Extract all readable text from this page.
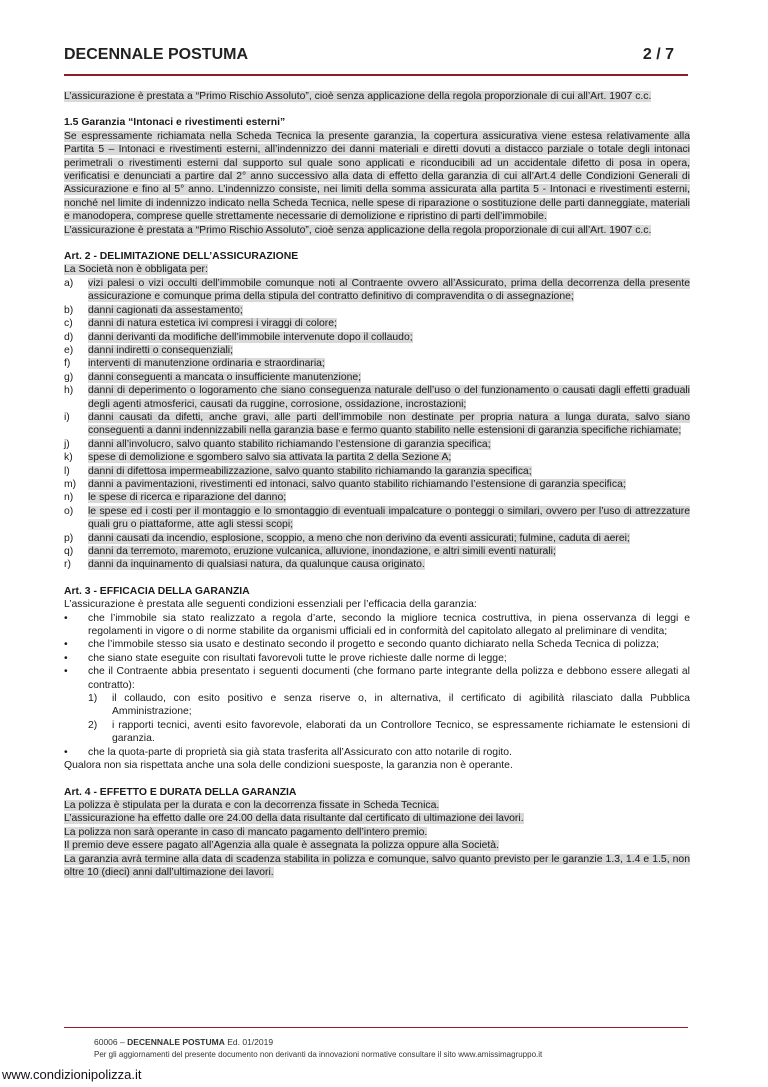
DECENNALE POSTUMA	2 / 7

L’assicurazione è prestata a “Primo Rischio Assoluto”, cioè senza applicazione della regola proporzionale di cui all’Art. 1907 c.c.

1.5 Garanzia “Intonaci e rivestimenti esterni”

Se espressamente richiamata nella Scheda Tecnica la presente garanzia, la copertura assicurativa viene estesa relativamente alla Partita 5 – Intonaci e rivestimenti esterni, all’indennizzo dei danni materiali e diretti dovuti a distacco parziale o totale degli intonaci perimetrali o rivestimenti esterni dal supporto sul quale sono applicati e riconducibili ad un accidentale difetto di posa in opera, verificatisi e denunciati a partire dal 2° anno successivo alla data di effetto della garanzia di cui all’Art.4 delle Condizioni Generali di Assicurazione e fino al 5° anno. L’indennizzo consiste, nei limiti della somma assicurata alla partita 5 - Intonaci e rivestimenti esterni, nonché nel limite di indennizzo indicato nella Scheda Tecnica, nelle spese di riparazione o sostituzione delle parti danneggiate, materiali e manodopera, comprese quelle strettamente necessarie di demolizione e ripristino di parti dell’immobile.

L’assicurazione è prestata a “Primo Rischio Assoluto”, cioè senza applicazione della regola proporzionale di cui all’Art. 1907 c.c.

Art. 2 - DELIMITAZIONE DELL’ASSICURAZIONE

La Società non è obbligata per:

a)	vizi palesi o vizi occulti dell’immobile comunque noti al Contraente ovvero all’Assicurato, prima della decorrenza della presente assicurazione e comunque prima della stipula del contratto definitivo di compravendita o di assegnazione;
b)	danni cagionati da assestamento;
c)	danni di natura estetica ivi compresi i viraggi di colore;
d)	danni derivanti da modifiche dell’immobile intervenute dopo il collaudo;
e)	danni indiretti o consequenziali;
f)	interventi di manutenzione ordinaria e straordinaria;
g)	danni conseguenti a mancata o insufficiente manutenzione;
h)	danni di deperimento o logoramento che siano conseguenza naturale dell’uso o del funzionamento o causati dagli effetti graduali degli agenti atmosferici, causati da ruggine, corrosione, ossidazione, incrostazioni;
i)	danni causati da difetti, anche gravi, alle parti dell’immobile non destinate per propria natura a lunga durata, salvo siano conseguenti a danni indennizzabili nella garanzia base e fermo quanto stabilito nelle estensioni di garanzia specifiche richiamate;
j)	danni all’involucro, salvo quanto stabilito richiamando l’estensione di garanzia specifica;
k)	spese di demolizione e sgombero salvo sia attivata la partita 2 della Sezione A;
l)	danni di difettosa impermeabilizzazione, salvo quanto stabilito richiamando la garanzia specifica;
m)	danni a pavimentazioni, rivestimenti ed intonaci, salvo quanto stabilito richiamando l’estensione di garanzia specifica;
n)	le spese di ricerca e riparazione del danno;
o)	le spese ed i costi per il montaggio e lo smontaggio di eventuali impalcature o ponteggi o similari, ovvero per l’uso di attrezzature quali gru o piattaforme, atte agli stessi scopi;
p)	danni causati da incendio, esplosione, scoppio, a meno che non derivino da eventi assicurati; fulmine, caduta di aerei;
q)	danni da terremoto, maremoto, eruzione vulcanica, alluvione, inondazione, e altri simili eventi naturali;
r)	danni da inquinamento di qualsiasi natura, da qualunque causa originato.

Art. 3 - EFFICACIA DELLA GARANZIA

L’assicurazione è prestata alle seguenti condizioni essenziali per l’efficacia della garanzia:

•	che l’immobile sia stato realizzato a regola d’arte, secondo la migliore tecnica costruttiva, in piena osservanza di leggi e regolamenti in vigore o di norme stabilite da organismi ufficiali ed in conformità del capitolato allegato al preliminare di vendita;
•	che l’immobile stesso sia usato e destinato secondo il progetto e secondo quanto dichiarato nella Scheda Tecnica di polizza;
•	che siano state eseguite con risultati favorevoli tutte le prove richieste dalle norme di legge;
•	che il Contraente abbia presentato i seguenti documenti (che formano parte integrante della polizza e debbono essere allegati al contratto):
1)	il collaudo, con esito positivo e senza riserve o, in alternativa, il certificato di agibilità rilasciato dalla Pubblica Amministrazione;
2)	i rapporti tecnici, aventi esito favorevole, elaborati da un Controllore Tecnico, se espressamente richiamate le estensioni di garanzia.
•	che la quota-parte di proprietà sia già stata trasferita all’Assicurato con atto notarile di rogito.

Qualora non sia rispettata anche una sola delle condizioni suesposte, la garanzia non è operante.

Art. 4 - EFFETTO E DURATA DELLA GARANZIA

La polizza è stipulata per la durata e con la decorrenza fissate in Scheda Tecnica.

L’assicurazione ha effetto dalle ore 24.00 della data risultante dal certificato di ultimazione dei lavori.

La polizza non sarà operante in caso di mancato pagamento dell’intero premio.

Il premio deve essere pagato all’Agenzia alla quale è assegnata la polizza oppure alla Società.

La garanzia avrà termine alla data di scadenza stabilita in polizza e comunque, salvo quanto previsto per le garanzie 1.3, 1.4 e 1.5, non oltre 10 (dieci) anni dall’ultimazione dei lavori.

60006 – DECENNALE POSTUMA Ed. 01/2019
Per gli aggiornamenti del presente documento non derivanti da innovazioni normative consultare il sito www.amissimagruppo.it
www.condizionipolizza.it
